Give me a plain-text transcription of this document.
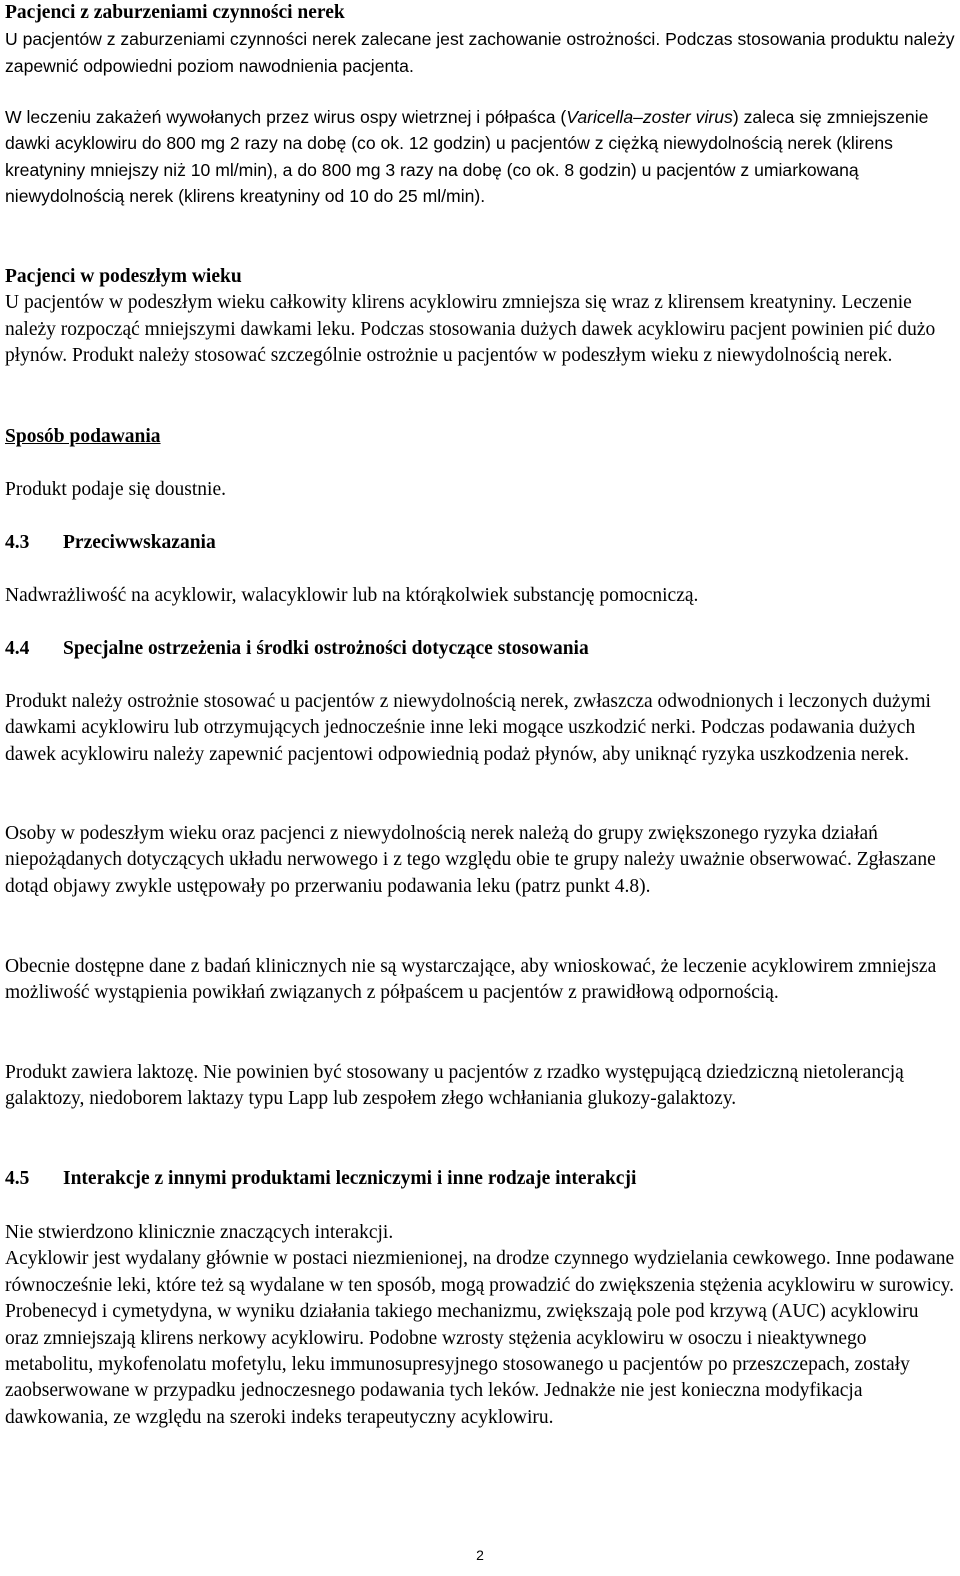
Pacjenci z zaburzeniami czynności nerek

U pacjentów z zaburzeniami czynności nerek zalecane jest zachowanie ostrożności. Podczas stosowania produktu należy zapewnić odpowiedni poziom nawodnienia pacjenta.

W leczeniu zakażeń wywołanych przez wirus ospy wietrznej i półpaśca (Varicella–zoster virus) zaleca się zmniejszenie dawki acyklowiru do 800 mg 2 razy na dobę (co ok. 12 godzin) u pacjentów z ciężką niewydolnością nerek (klirens kreatyniny mniejszy niż 10 ml/min), a do 800 mg 3 razy na dobę (co ok. 8 godzin) u pacjentów z umiarkowaną niewydolnością nerek (klirens kreatyniny od 10 do 25 ml/min).

Pacjenci w podeszłym wieku

U pacjentów w podeszłym wieku całkowity klirens acyklowiru zmniejsza się wraz z klirensem kreatyniny. Leczenie należy rozpocząć mniejszymi dawkami leku. Podczas stosowania dużych dawek acyklowiru pacjent powinien pić dużo płynów. Produkt należy stosować szczególnie ostrożnie u pacjentów w podeszłym wieku z niewydolnością nerek.

Sposób podawania
Produkt podaje się doustnie.
4.3 Przeciwwskazania
Nadwrażliwość na acyklowir, walacyklowir lub na którąkolwiek substancję pomocniczą.
4.4 Specjalne ostrzeżenia i środki ostrożności dotyczące stosowania

Produkt należy ostrożnie stosować u pacjentów z niewydolnością nerek, zwłaszcza odwodnionych i leczonych dużymi dawkami acyklowiru lub otrzymujących jednocześnie inne leki mogące uszkodzić nerki. Podczas podawania dużych dawek acyklowiru należy zapewnić pacjentowi odpowiednią podaż płynów, aby uniknąć ryzyka uszkodzenia nerek.

Osoby w podeszłym wieku oraz pacjenci z niewydolnością nerek należą do grupy zwiększonego ryzyka działań niepożądanych dotyczących układu nerwowego i z tego względu obie te grupy należy uważnie obserwować. Zgłaszane dotąd objawy zwykle ustępowały po przerwaniu podawania leku (patrz punkt 4.8).

Obecnie dostępne dane z badań klinicznych nie są wystarczające, aby wnioskować, że leczenie acyklowirem zmniejsza możliwość wystąpienia powikłań związanych z półpaścem u pacjentów z prawidłową odpornością.

Produkt zawiera laktozę. Nie powinien być stosowany u pacjentów z rzadko występującą dziedziczną nietolerancją galaktozy, niedoborem laktazy typu Lapp lub zespołem złego wchłaniania glukozy-galaktozy.

4.5 Interakcje z innymi produktami leczniczymi i inne rodzaje interakcji

Nie stwierdzono klinicznie znaczących interakcji.

Acyklowir jest wydalany głównie w postaci niezmienionej, na drodze czynnego wydzielania cewkowego. Inne podawane równocześnie leki, które też są wydalane w ten sposób, mogą prowadzić do zwiększenia stężenia acyklowiru w surowicy. Probenecyd i cymetydyna, w wyniku działania takiego mechanizmu, zwiększają pole pod krzywą (AUC) acyklowiru oraz zmniejszają klirens nerkowy acyklowiru. Podobne wzrosty stężenia acyklowiru w osoczu i nieaktywnego metabolitu, mykofenolatu mofetylu, leku immunosupresyjnego stosowanego u pacjentów po przeszczepach, zostały zaobserwowane w przypadku jednoczesnego podawania tych leków. Jednakże nie jest konieczna modyfikacja dawkowania, ze względu na szeroki indeks terapeutyczny acyklowiru.

2
